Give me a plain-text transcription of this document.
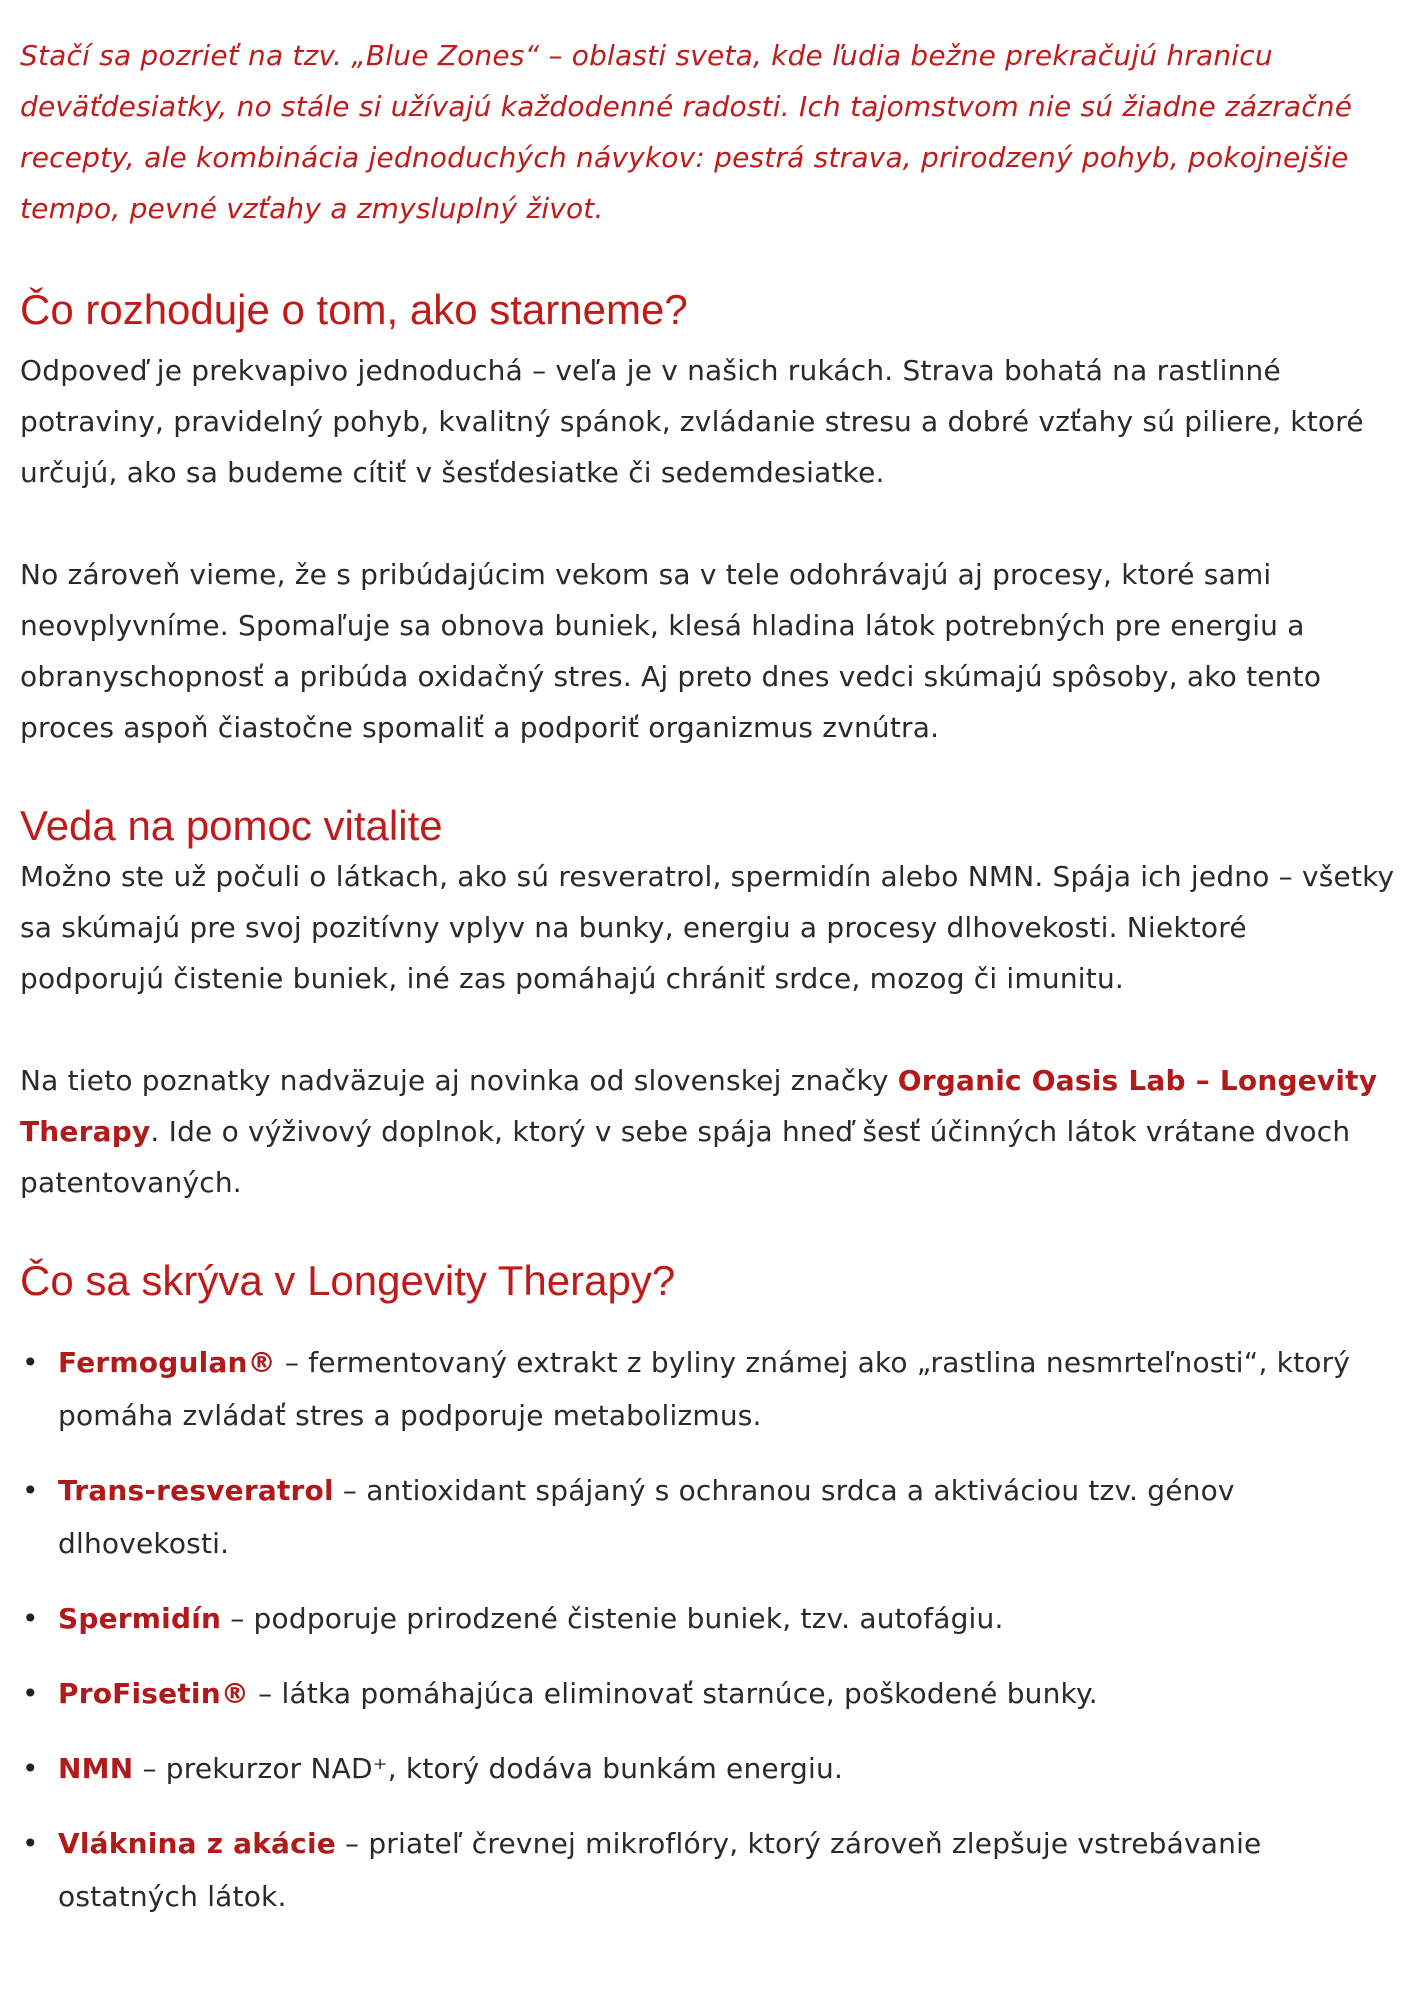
Stačí sa pozrieť na tzv. „Blue Zones“ – oblasti sveta, kde ľudia bežne prekračujú hranicu deväťdesiatky, no stále si užívajú každodenné radosti. Ich tajomstvom nie sú žiadne zázračné recepty, ale kombinácia jednoduchých návykov: pestrá strava, prirodzený pohyb, pokojnejšie tempo, pevné vzťahy a zmysluplný život.

Čo rozhoduje o tom, ako starneme?

Odpoveď je prekvapivo jednoduchá – veľa je v našich rukách. Strava bohatá na rastlinné potraviny, pravidelný pohyb, kvalitný spánok, zvládanie stresu a dobré vzťahy sú piliere, ktoré určujú, ako sa budeme cítiť v šesťdesiatke či sedemdesiatke.

No zároveň vieme, že s pribúdajúcim vekom sa v tele odohrávajú aj procesy, ktoré sami neovplyvníme. Spomaľuje sa obnova buniek, klesá hladina látok potrebných pre energiu a obranyschopnosť a pribúda oxidačný stres. Aj preto dnes vedci skúmajú spôsoby, ako tento proces aspoň čiastočne spomaliť a podporiť organizmus zvnútra.

Veda na pomoc vitalite

Možno ste už počuli o látkach, ako sú resveratrol, spermidín alebo NMN. Spája ich jedno – všetky sa skúmajú pre svoj pozitívny vplyv na bunky, energiu a procesy dlhovekosti. Niektoré podporujú čistenie buniek, iné zas pomáhajú chrániť srdce, mozog či imunitu.

Na tieto poznatky nadväzuje aj novinka od slovenskej značky Organic Oasis Lab – Longevity Therapy. Ide o výživový doplnok, ktorý v sebe spája hneď šesť účinných látok vrátane dvoch patentovaných.

Čo sa skrýva v Longevity Therapy?
• Fermogulan® – fermentovaný extrakt z byliny známej ako „rastlina nesmrteľnosti“, ktorý pomáha zvládať stres a podporuje metabolizmus.
• Trans-resveratrol – antioxidant spájaný s ochranou srdca a aktiváciou tzv. génov dlhovekosti.
• Spermidín – podporuje prirodzené čistenie buniek, tzv. autofágiu.
• ProFisetin® – látka pomáhajúca eliminovať starnúce, poškodené bunky.
• NMN – prekurzor NAD⁺, ktorý dodáva bunkám energiu.
• Vláknina z akácie – priateľ črevnej mikroflóry, ktorý zároveň zlepšuje vstrebávanie ostatných látok.
